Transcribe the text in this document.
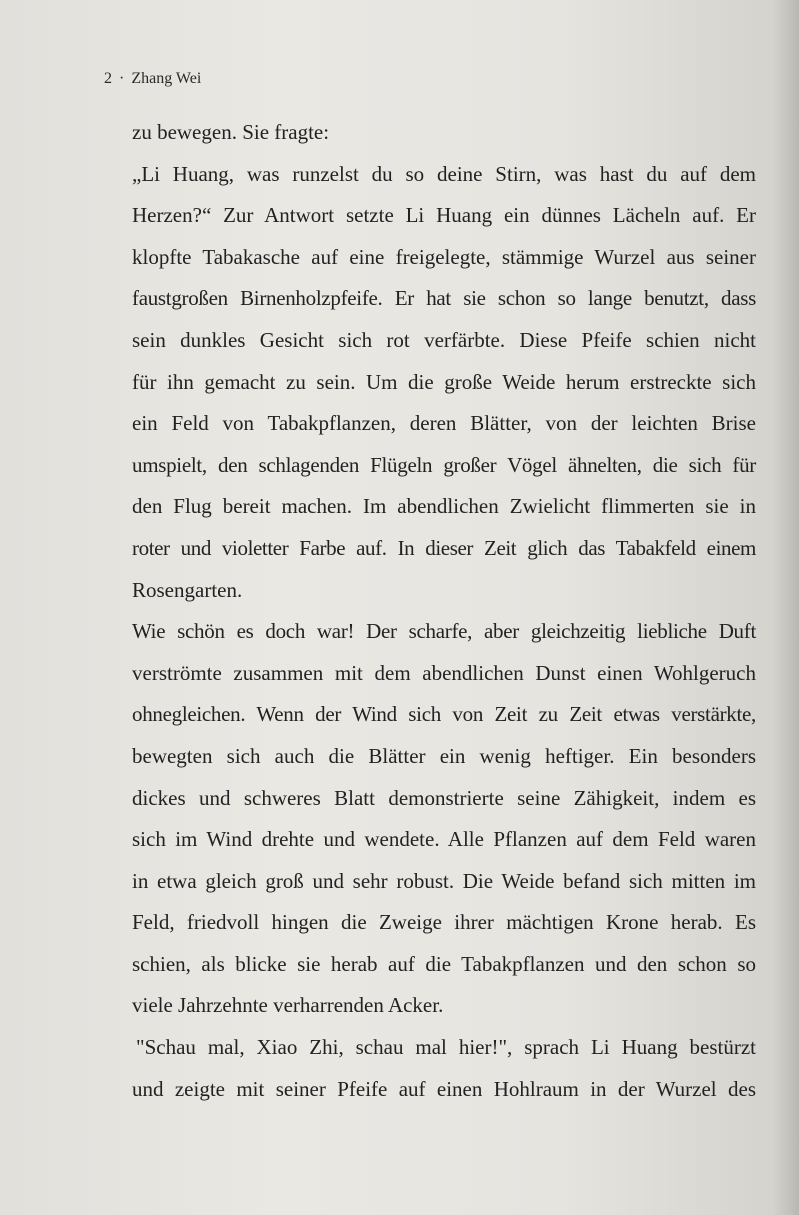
2 · Zhang Wei
zu bewegen. Sie fragte:
„Li Huang, was runzelst du so deine Stirn, was hast du auf dem
Herzen?“ Zur Antwort setzte Li Huang ein dünnes Lächeln auf. Er
klopfte Tabakasche auf eine freigelegte, stämmige Wurzel aus seiner
faustgroßen Birnenholzpfeife. Er hat sie schon so lange benutzt, dass
sein dunkles Gesicht sich rot verfärbte. Diese Pfeife schien nicht
für ihn gemacht zu sein. Um die große Weide herum erstreckte sich
ein Feld von Tabakpflanzen, deren Blätter, von der leichten Brise
umspielt, den schlagenden Flügeln großer Vögel ähnelten, die sich für
den Flug bereit machen. Im abendlichen Zwielicht flimmerten sie in
roter und violetter Farbe auf. In dieser Zeit glich das Tabakfeld einem
Rosengarten.
Wie schön es doch war! Der scharfe, aber gleichzeitig liebliche Duft
verströmte zusammen mit dem abendlichen Dunst einen Wohlgeruch
ohnegleichen. Wenn der Wind sich von Zeit zu Zeit etwas verstärkte,
bewegten sich auch die Blätter ein wenig heftiger. Ein besonders
dickes und schweres Blatt demonstrierte seine Zähigkeit, indem es
sich im Wind drehte und wendete. Alle Pflanzen auf dem Feld waren
in etwa gleich groß und sehr robust. Die Weide befand sich mitten im
Feld, friedvoll hingen die Zweige ihrer mächtigen Krone herab. Es
schien, als blicke sie herab auf die Tabakpflanzen und den schon so
viele Jahrzehnte verharrenden Acker.
"Schau mal, Xiao Zhi, schau mal hier!", sprach Li Huang bestürzt
und zeigte mit seiner Pfeife auf einen Hohlraum in der Wurzel des
